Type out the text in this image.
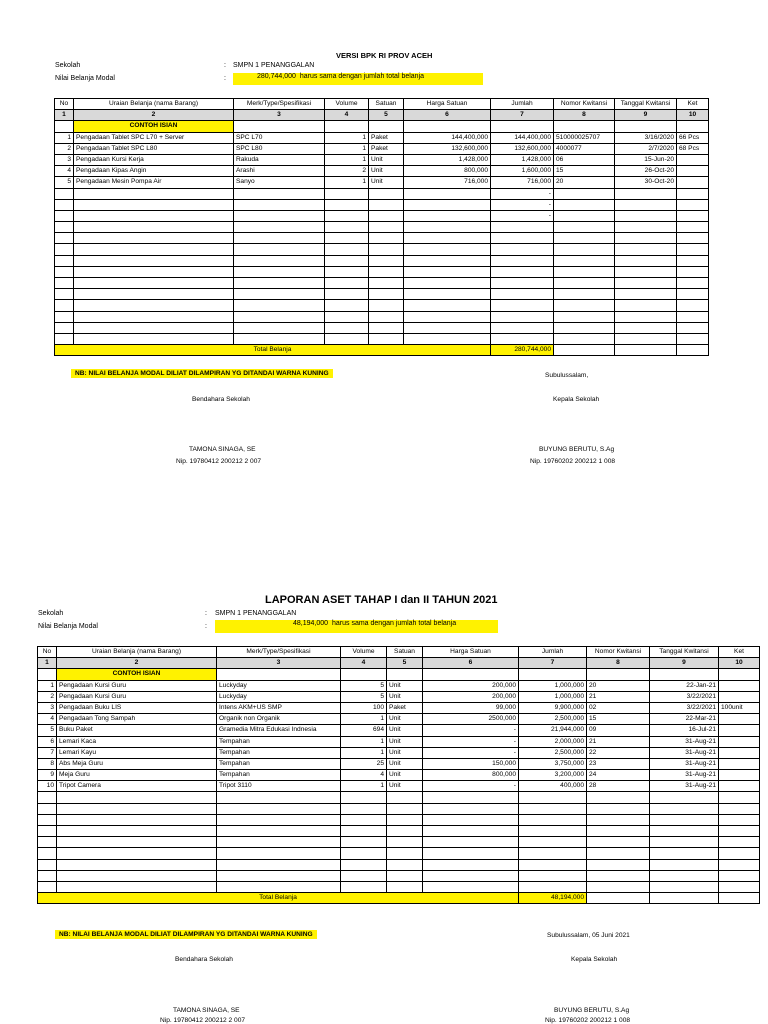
VERSI BPK RI PROV ACEH
Sekolah	: SMPN 1 PENANGGALAN
Nilai Belanja Modal	:	280,744,000 harus sama dengan jumlah total belanja
No	Uraian Belanja (nama Barang)	Merk/Type/Spesifikasi	Volume	Satuan	Harga Satuan	Jumlah	Nomor Kwitansi	Tanggal Kwitansi	Ket
1	2	3	4	5	6	7	8	9	10
	CONTOH ISIAN								
1	Pengadaan Tablet SPC L70 + Server	SPC L70	1	Paket	144,400,000	144,400,000	510000025707	3/16/2020	66 Pcs
2	Pengadaan Tablet SPC L80	SPC L80	1	Paket	132,600,000	132,600,000	4000077	2/7/2020	68 Pcs
3	Pengadaan Kursi Kerja	Rakuda	1	Unit	1,428,000	1,428,000	06	15-Jun-20	
4	Pengadaan Kipas Angin	Arashi	2	Unit	800,000	1,600,000	15	26-Oct-20	
5	Pengadaan Mesin Pompa Air	Sanyo	1	Unit	716,000	716,000	20	30-Oct-20	
						-			
						-			
						-			

Total Belanja						280,744,000			
NB: NILAI BELANJA MODAL DILIAT DILAMPIRAN YG DITANDAI WARNA KUNING	Subulussalam,
Bendahara Sekolah	Kepala Sekolah
TAMONA SINAGA, SE
Nip. 19780412 200212 2 007
BUYUNG BERUTU, S.Ag
Nip. 19760202 200212 1 008
LAPORAN ASET TAHAP I dan II TAHUN 2021
Sekolah	: SMPN 1 PENANGGALAN
Nilai Belanja Modal	:	48,194,000 harus sama dengan jumlah total belanja
No	Uraian Belanja (nama Barang)	Merk/Type/Spesifikasi	Volume	Satuan	Harga Satuan	Jumlah	Nomor Kwitansi	Tanggal Kwitansi	Ket
1	2	3	4	5	6	7	8	9	10
	CONTOH ISIAN								
1	Pengadaan Kursi Guru	Luckyday	5	Unit	200,000	1,000,000	20	22-Jan-21	
2	Pengadaan Kursi Guru	Luckyday	5	Unit	200,000	1,000,000	21	3/22/2021	
3	Pengadaan Buku LIS	Intens AKM+US SMP	100	Paket	99,000	9,900,000	02	3/22/2021	100unit
4	Pengadaan Tong Sampah	Organik non Organik	1	Unit	2500,000	2,500,000	15	22-Mar-21	
5	Buku Paket	Gramedia Mitra Edukasi Indnesia	694	Unit	-	21,944,000	09	16-Jul-21	
6	Lemari Kaca	Tempahan	1	Unit	-	2,000,000	21	31-Aug-21	
7	Lemari Kayu	Tempahan	1	Unit	-	2,500,000	22	31-Aug-21	
8	Abs Meja Guru	Tempahan	25	Unit	150,000	3,750,000	23	31-Aug-21	
9	Meja Guru	Tempahan	4	Unit	800,000	3,200,000	24	31-Aug-21	
10	Tripot Camera	Tripot 3110	1	Unit	-	400,000	28	31-Aug-21	

Total Belanja						48,194,000			
NB: NILAI BELANJA MODAL DILIAT DILAMPIRAN YG DITANDAI WARNA KUNING	Subulussalam, 05 Juni 2021
Bendahara Sekolah	Kepala Sekolah
TAMONA SINAGA, SE
Nip. 19780412 200212 2 007
BUYUNG BERUTU, S.Ag
Nip. 19760202 200212 1 008
